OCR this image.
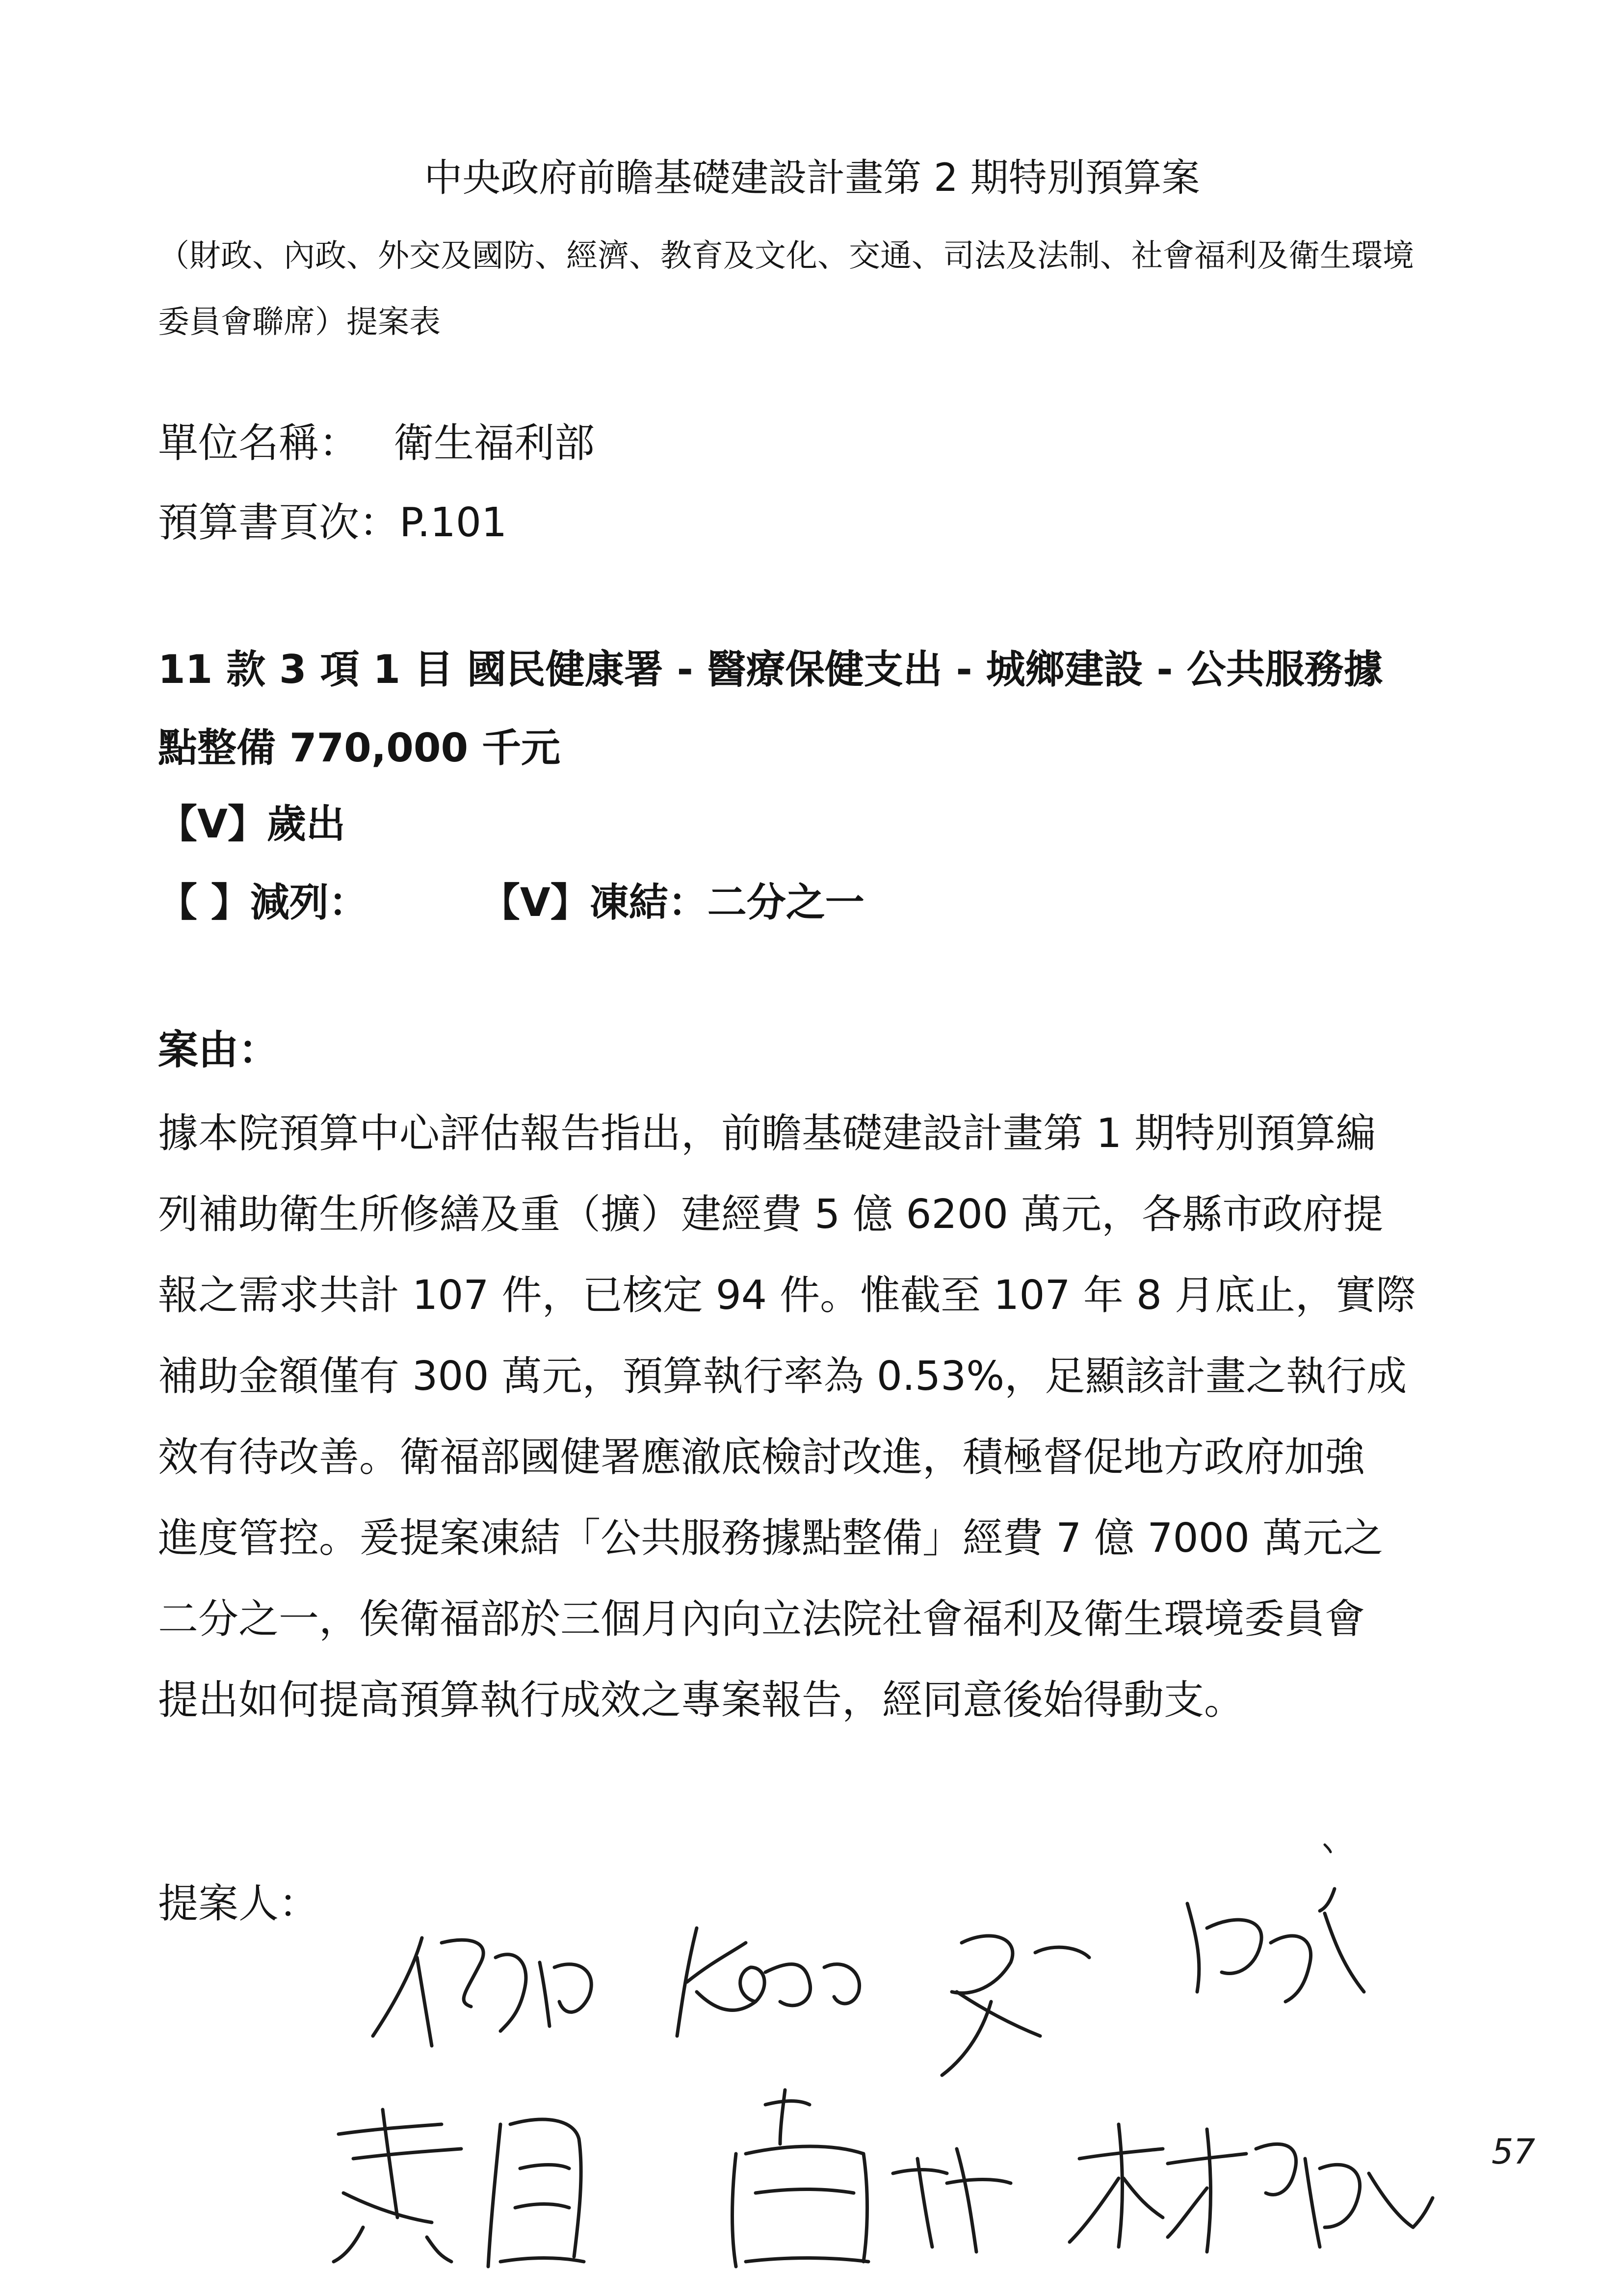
中央政府前瞻基礎建設計畫第 2 期特別預算案
（財政、內政、外交及國防、經濟、教育及文化、交通、司法及法制、社會福利及衛生環境
委員會聯席）提案表
單位名稱： 衛生福利部
預算書頁次：P.101
11 款 3 項 1 目 國民健康署 - 醫療保健支出 - 城鄉建設 - 公共服務據
點整備 770,000 千元
【V】歲出
【 】減列：	【V】凍結：二分之一
案由：
據本院預算中心評估報告指出，前瞻基礎建設計畫第 1 期特別預算編
列補助衛生所修繕及重（擴）建經費 5 億 6200 萬元，各縣市政府提
報之需求共計 107 件，已核定 94 件。惟截至 107 年 8 月底止，實際
補助金額僅有 300 萬元，預算執行率為 0.53%，足顯該計畫之執行成
效有待改善。衛福部國健署應澈底檢討改進，積極督促地方政府加強
進度管控。爰提案凍結「公共服務據點整備」經費 7 億 7000 萬元之
二分之一，俟衛福部於三個月內向立法院社會福利及衛生環境委員會
提出如何提高預算執行成效之專案報告，經同意後始得動支。
提案人：
57
